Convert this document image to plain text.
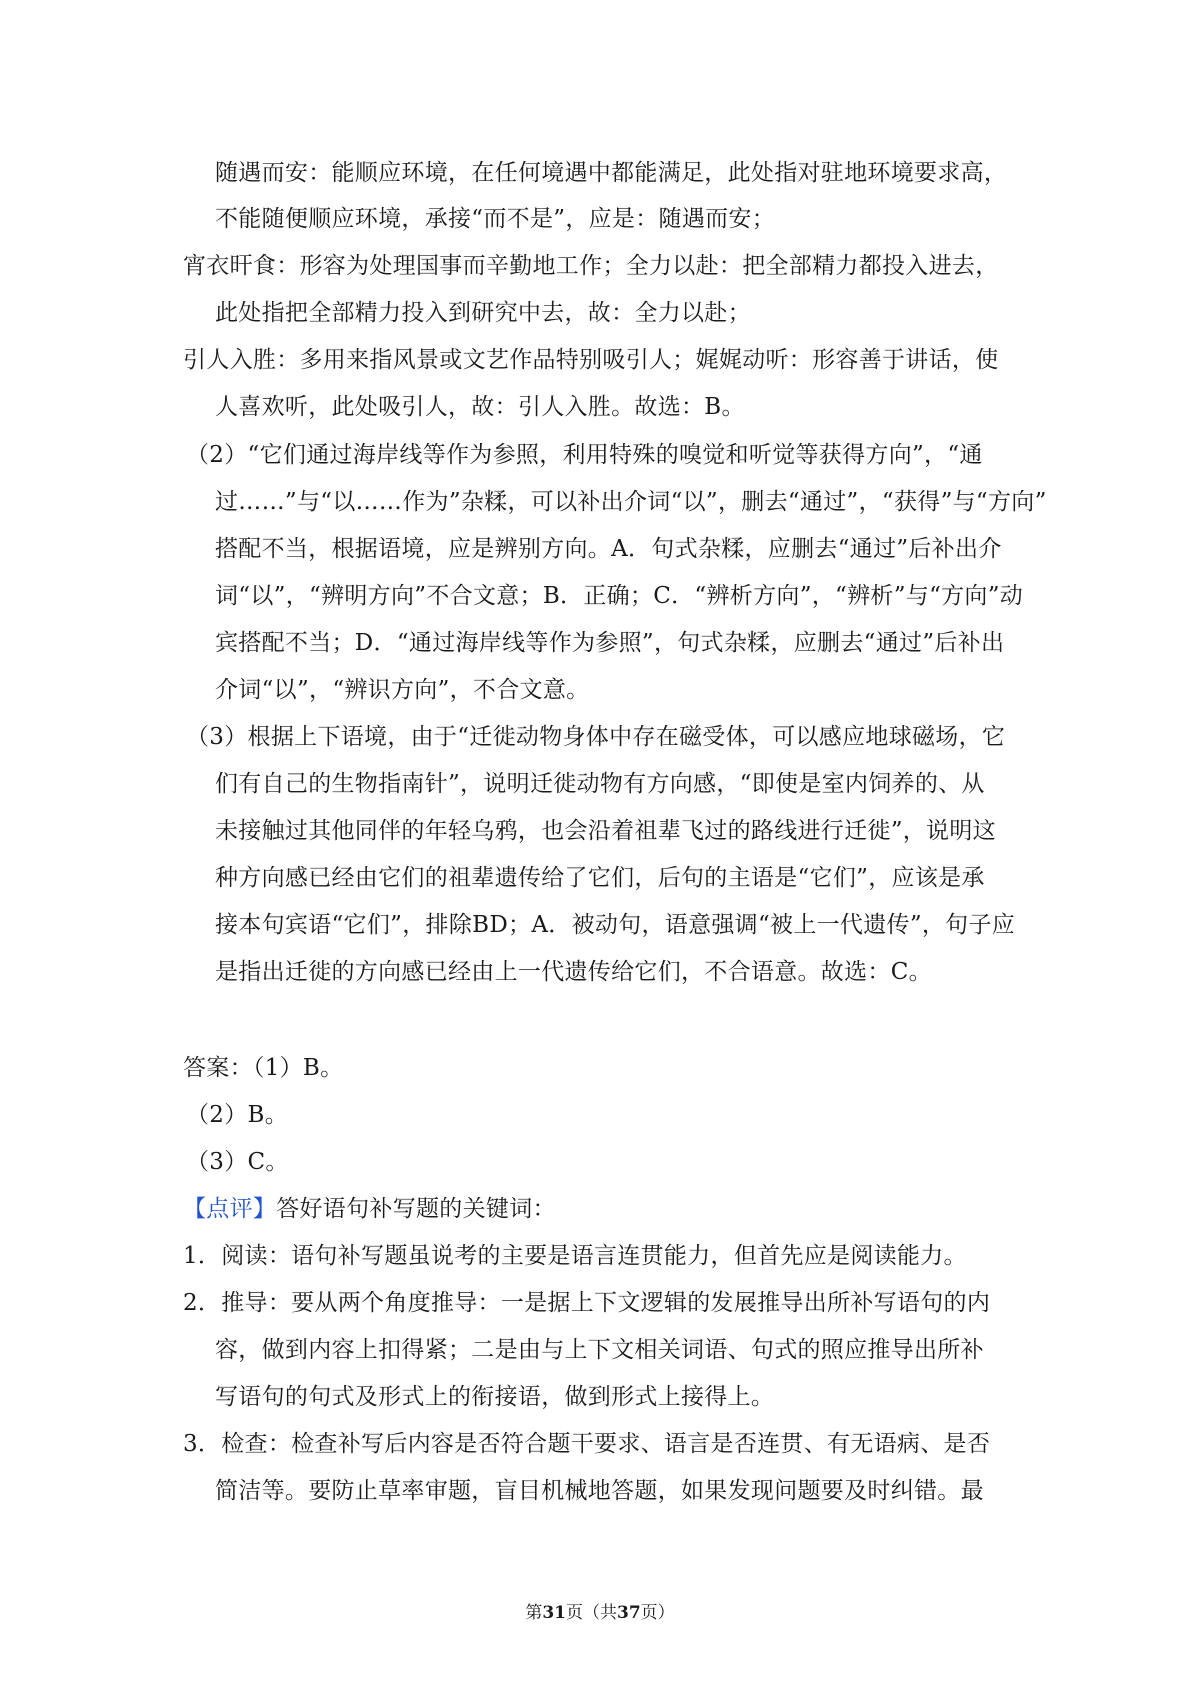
随遇而安：能顺应环境，在任何境遇中都能满足，此处指对驻地环境要求高，
不能随便顺应环境，承接“而不是”，应是：随遇而安；
宵衣旰食：形容为处理国事而辛勤地工作；全力以赴：把全部精力都投入进去，
此处指把全部精力投入到研究中去，故：全力以赴；
引人入胜：多用来指风景或文艺作品特别吸引人；娓娓动听：形容善于讲话，使
人喜欢听，此处吸引人，故：引人入胜。故选：B。
（2）“它们通过海岸线等作为参照，利用特殊的嗅觉和听觉等获得方向”，“通
过……”与“以……作为”杂糅，可以补出介词“以”，删去“通过”，“获得”与“方向”
搭配不当，根据语境，应是辨别方向。A．句式杂糅，应删去“通过”后补出介
词“以”，“辨明方向”不合文意；B．正确；C．“辨析方向”，“辨析”与“方向”动
宾搭配不当；D．“通过海岸线等作为参照”，句式杂糅，应删去“通过”后补出
介词“以”，“辨识方向”，不合文意。
（3）根据上下语境，由于“迁徙动物身体中存在磁受体，可以感应地球磁场，它
们有自己的生物指南针”，说明迁徙动物有方向感，“即使是室内饲养的、从
未接触过其他同伴的年轻乌鸦，也会沿着祖辈飞过的路线进行迁徙”，说明这
种方向感已经由它们的祖辈遗传给了它们，后句的主语是“它们”，应该是承
接本句宾语“它们”，排除BD；A．被动句，语意强调“被上一代遗传”，句子应
是指出迁徙的方向感已经由上一代遗传给它们，不合语意。故选：C。
答案：（1）B。
（2）B。
（3）C。
【点评】答好语句补写题的关键词：
1．阅读：语句补写题虽说考的主要是语言连贯能力，但首先应是阅读能力。
2．推导：要从两个角度推导：一是据上下文逻辑的发展推导出所补写语句的内
容，做到内容上扣得紧；二是由与上下文相关词语、句式的照应推导出所补
写语句的句式及形式上的衔接语，做到形式上接得上。
3．检查：检查补写后内容是否符合题干要求、语言是否连贯、有无语病、是否
简洁等。要防止草率审题，盲目机械地答题，如果发现问题要及时纠错。最
第31页（共37页）
